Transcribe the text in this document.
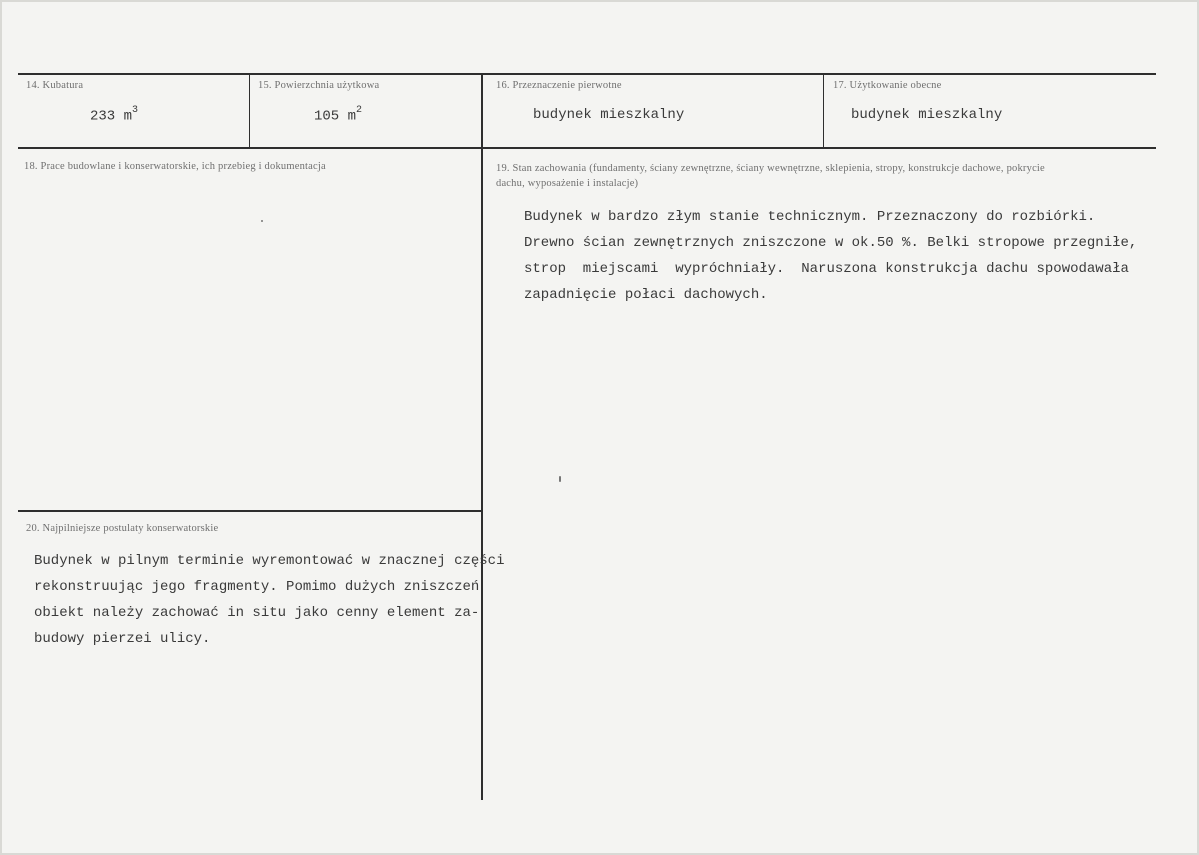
14. Kubatura
233 $m^3$
15. Powierzchnia użytkowa
105 $m^2$
16. Przeznaczenie pierwotne
budynek mieszkalny
17. Użytkowanie obecne
budynek mieszkalny
18. Prace budowlane i konserwatorskie, ich przebieg i dokumentacja	19. Stan zachowania (fundamenty, ściany zewnętrzne, ściany wewnętrzne, sklepienia, stropy, konstrukcje dachowe, pokrycie dachu, wyposażenie i instalacje)
Budynek w bardzo złym stanie technicznym. Przeznaczony do rozbiórki.
Drewno ścian zewnętrznych zniszczone w ok.50 %. Belki stropowe przegniłe,
strop  miejscami  wypróchniały.  Naruszona konstrukcja dachu spowodawała
zapadnięcie połaci dachowych.
20. Najpilniejsze postulaty konserwatorskie
Budynek w pilnym terminie wyremontować w znacznej części
rekonstruując jego fragmenty. Pomimo dużych zniszczeń
obiekt należy zachować in situ jako cenny element za-
budowy pierzei ulicy.
